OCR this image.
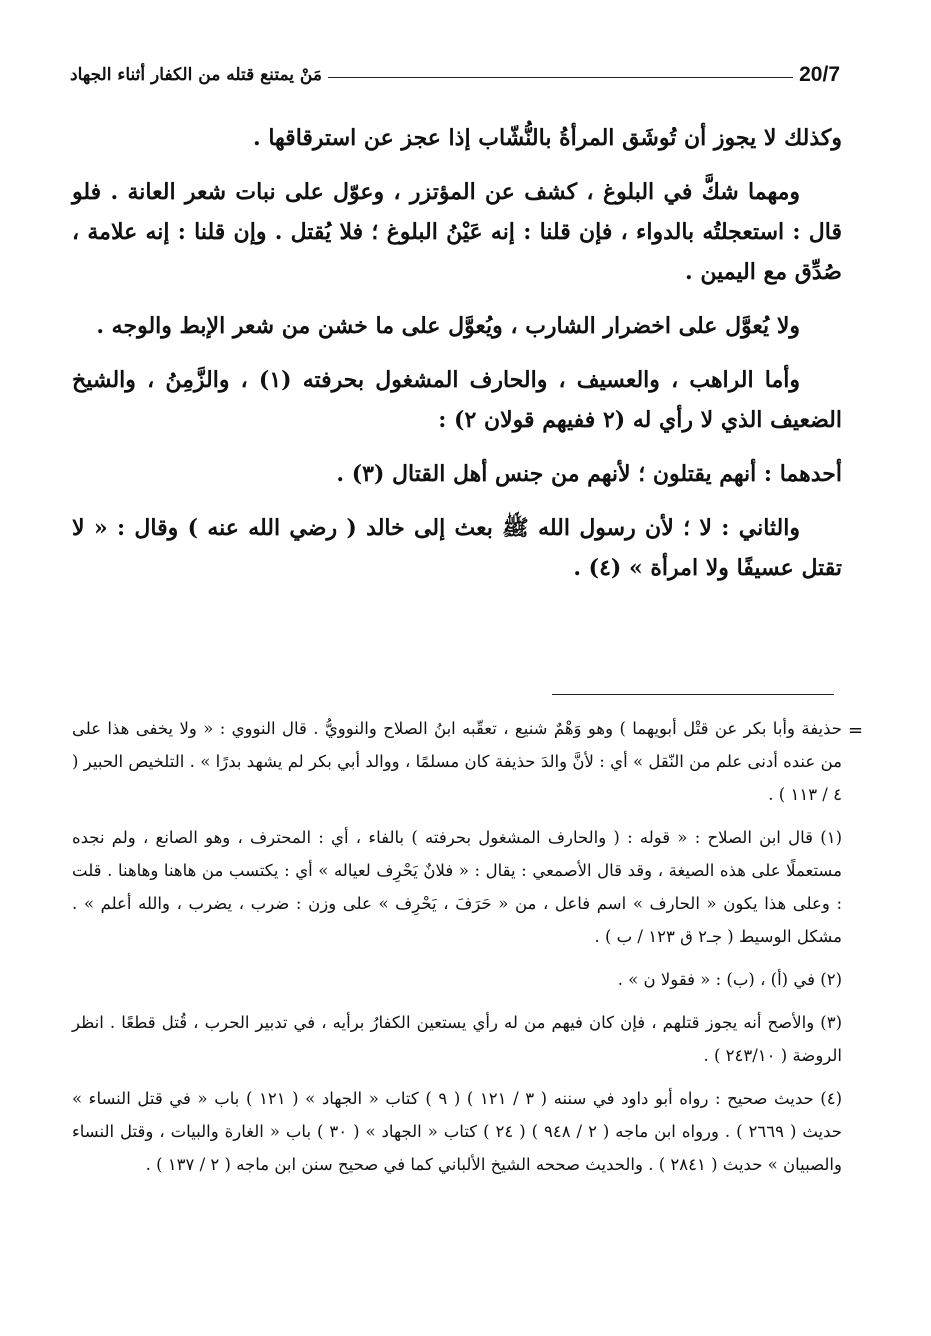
20/7
مَنْ يمتنع قتله من الكفار أثناء الجهاد

وكذلك لا يجوز أن تُوشَق المرأةُ بالنُّشّاب إذا عجز عن استرقاقها .

ومهما شكَّ في البلوغ ، كشف عن المؤتزر ، وعوّل على نبات شعر العانة . فلو قال : استعجلتُه بالدواء ، فإن قلنا : إنه عَيْنُ البلوغ ؛ فلا يُقتل . وإن قلنا : إنه علامة ، صُدِّق مع اليمين .

ولا يُعوَّل على اخضرار الشارب ، ويُعوَّل على ما خشن من شعر الإبط والوجه .

وأما الراهب ، والعسيف ، والحارف المشغول بحرفته (١) ، والزَّمِنُ ، والشيخ الضعيف الذي لا رأي له (٢ ففيهم قولان ٢) :

أحدهما : أنهم يقتلون ؛ لأنهم من جنس أهل القتال (٣) .

والثاني : لا ؛ لأن رسول الله ﷺ بعث إلى خالد ( رضي الله عنه ) وقال : « لا تقتل عسيفًا ولا امرأة » (٤) .

=

حذيفة وأبا بكر عن قتْل أبويهما ) وهو وَهْمٌ شنيع ، تعقّبه ابنُ الصلاح والنوويُّ . قال النووي : « ولا يخفى هذا على من عنده أدنى علم من النّقل » أي : لأنَّ والدَ حذيفة كان مسلمًا ، ووالد أبي بكر لم يشهد بدرًا » . التلخيص الحبير ( ٤ / ١١٣ ) .

(١) قال ابن الصلاح : « قوله : ( والحارف المشغول بحرفته ) بالفاء ، أي : المحترف ، وهو الصانع ، ولم نجده مستعملًا على هذه الصيغة ، وقد قال الأصمعي : يقال : « فلانٌ يَحْرِف لعياله » أي : يكتسب من هاهنا وهاهنا . قلت : وعلى هذا يكون « الحارف » اسم فاعل ، من « حَرَفَ ، يَحْرِف » على وزن : ضرب ، يضرب ، والله أعلم » . مشكل الوسيط ( جـ٢ ق ١٢٣ / ب ) .

(٢) في (أ) ، (ب) : « فقولا ن » .

(٣) والأصح أنه يجوز قتلهم ، فإن كان فيهم من له رأي يستعين الكفارُ برأيه ، في تدبير الحرب ، قُتل قطعًا . انظر الروضة ( ٢٤٣/١٠ ) .

(٤) حديث صحيح : رواه أبو داود في سننه ( ٣ / ١٢١ ) ( ٩ ) كتاب « الجهاد » ( ١٢١ ) باب « في قتل النساء » حديث ( ٢٦٦٩ ) . ورواه ابن ماجه ( ٢ / ٩٤٨ ) ( ٢٤ ) كتاب « الجهاد » ( ٣٠ ) باب « الغارة والبيات ، وقتل النساء والصبيان » حديث ( ٢٨٤١ ) . والحديث صححه الشيخ الألباني كما في صحيح سنن ابن ماجه ( ٢ / ١٣٧ ) .
